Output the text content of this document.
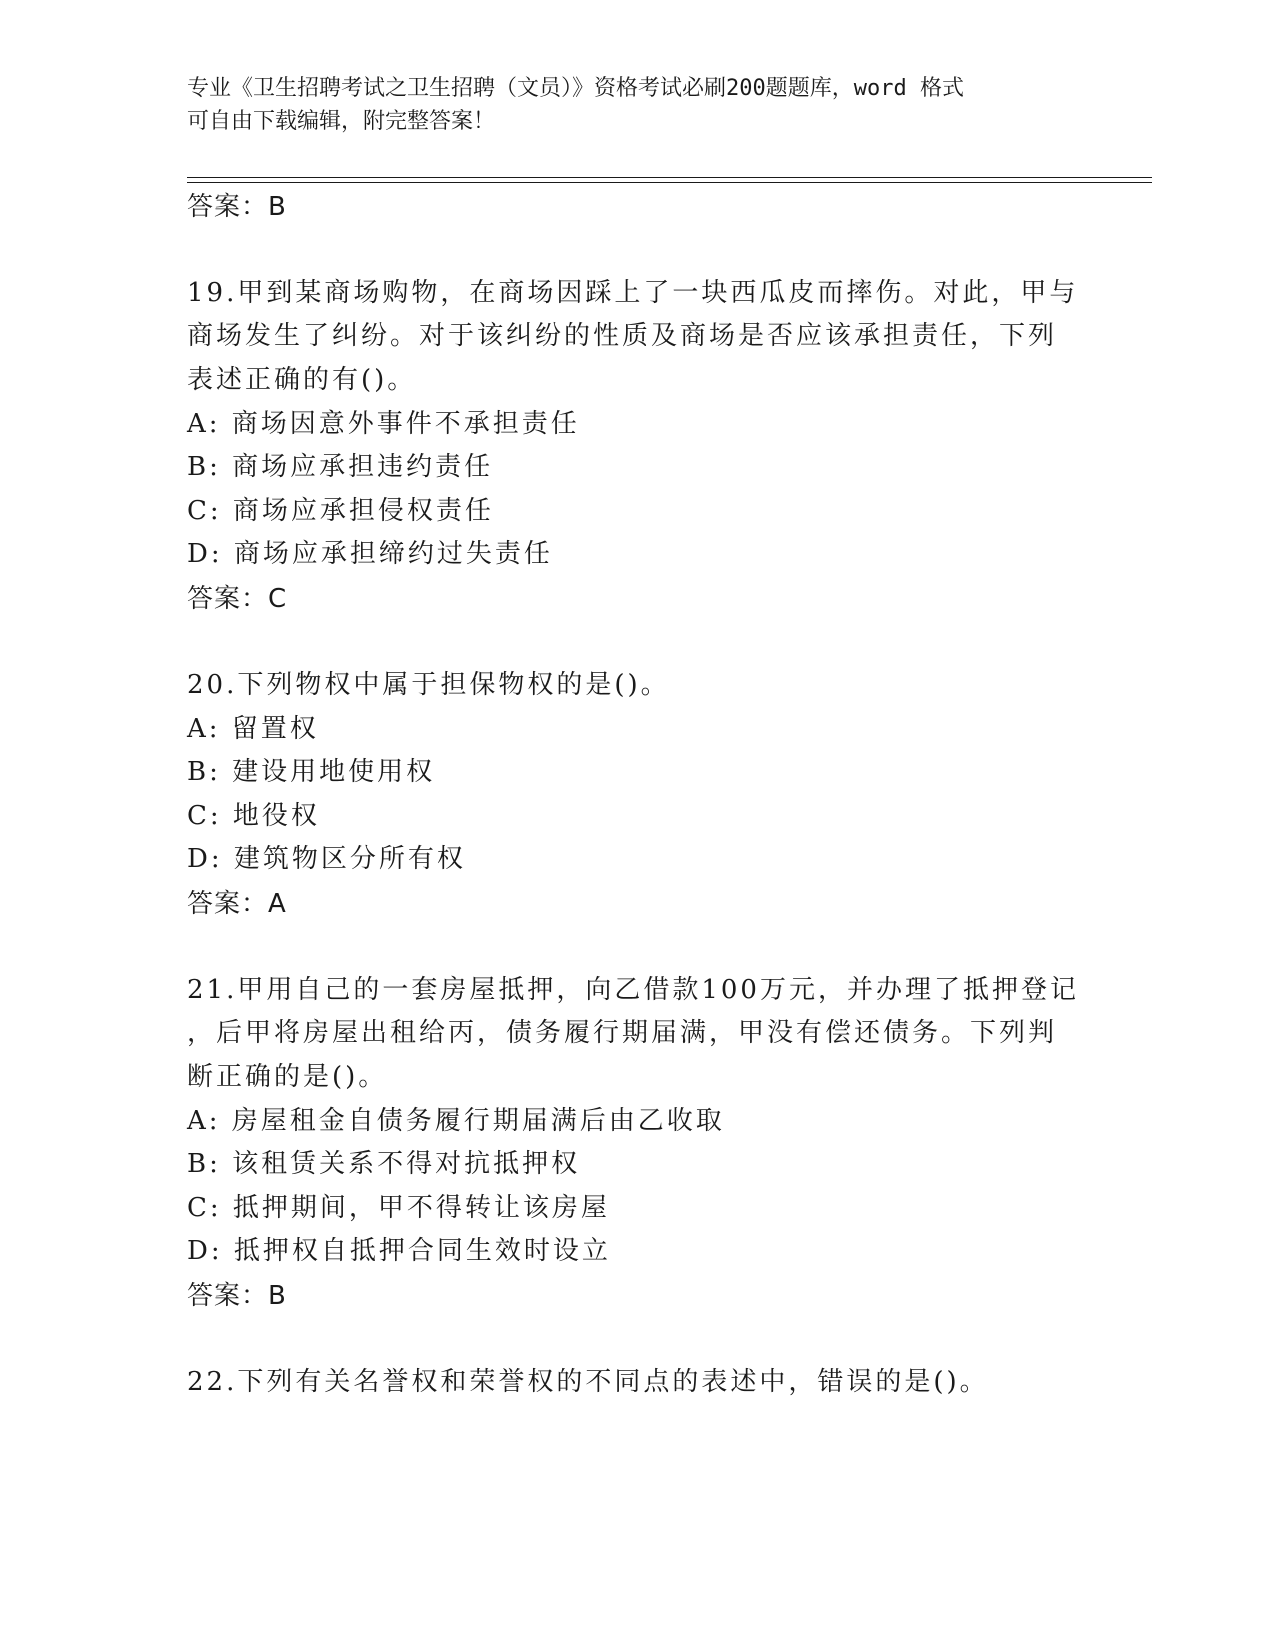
专业《卫生招聘考试之卫生招聘（文员）》资格考试必刷200题题库，word 格式
可自由下载编辑，附完整答案！
答案：B
19.甲到某商场购物，在商场因踩上了一块西瓜皮而摔伤。对此，甲与
商场发生了纠纷。对于该纠纷的性质及商场是否应该承担责任，下列
表述正确的有()。
A: 商场因意外事件不承担责任
B: 商场应承担违约责任
C: 商场应承担侵权责任
D: 商场应承担缔约过失责任
答案：C
20.下列物权中属于担保物权的是()。
A: 留置权
B: 建设用地使用权
C: 地役权
D: 建筑物区分所有权
答案：A
21.甲用自己的一套房屋抵押，向乙借款100万元，并办理了抵押登记
，后甲将房屋出租给丙，债务履行期届满，甲没有偿还债务。下列判
断正确的是()。
A: 房屋租金自债务履行期届满后由乙收取
B: 该租赁关系不得对抗抵押权
C: 抵押期间，甲不得转让该房屋
D: 抵押权自抵押合同生效时设立
答案：B
22.下列有关名誉权和荣誉权的不同点的表述中，错误的是()。
